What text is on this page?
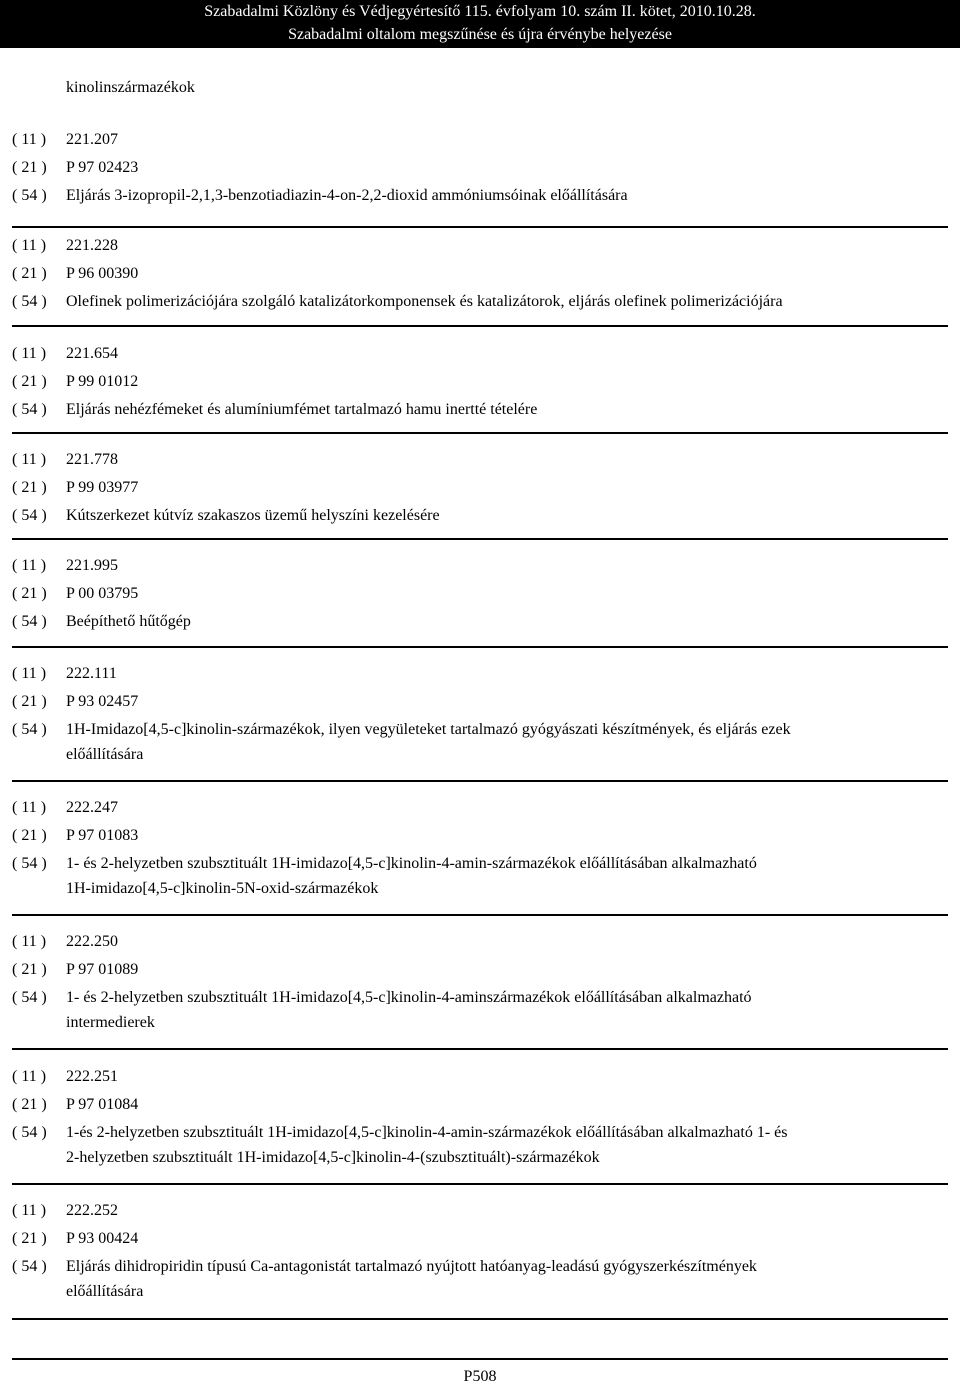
Szabadalmi Közlöny és Védjegyértesítő 115. évfolyam 10. szám II. kötet, 2010.10.28.
Szabadalmi oltalom megszűnése és újra érvénybe helyezése
kinolinszármazékok
( 11 )	221.207
( 21 )	P 97 02423
( 54 )	Eljárás 3-izopropil-2,1,3-benzotiadiazin-4-on-2,2-dioxid ammóniumsóinak előállítására
( 11 )	221.228
( 21 )	P 96 00390
( 54 )	Olefinek polimerizációjára szolgáló katalizátorkomponensek és katalizátorok, eljárás olefinek polimerizációjára
( 11 )	221.654
( 21 )	P 99 01012
( 54 )	Eljárás nehézfémeket és alumíniumfémet tartalmazó hamu inertté tételére
( 11 )	221.778
( 21 )	P 99 03977
( 54 )	Kútszerkezet kútvíz szakaszos üzemű helyszíni kezelésére
( 11 )	221.995
( 21 )	P 00 03795
( 54 )	Beépíthető hűtőgép
( 11 )	222.111
( 21 )	P 93 02457
( 54 )	1H-Imidazo[4,5-c]kinolin-származékok, ilyen vegyületeket tartalmazó gyógyászati készítmények, és eljárás ezek
előállítására
( 11 )	222.247
( 21 )	P 97 01083
( 54 )	1- és 2-helyzetben szubsztituált 1H-imidazo[4,5-c]kinolin-4-amin-származékok előállításában alkalmazható
1H-imidazo[4,5-c]kinolin-5N-oxid-származékok
( 11 )	222.250
( 21 )	P 97 01089
( 54 )	1- és 2-helyzetben szubsztituált 1H-imidazo[4,5-c]kinolin-4-aminszármazékok előállításában alkalmazható
intermedierek
( 11 )	222.251
( 21 )	P 97 01084
( 54 )	1-és 2-helyzetben szubsztituált 1H-imidazo[4,5-c]kinolin-4-amin-származékok előállításában alkalmazható 1- és
2-helyzetben szubsztituált 1H-imidazo[4,5-c]kinolin-4-(szubsztituált)-származékok
( 11 )	222.252
( 21 )	P 93 00424
( 54 )	Eljárás dihidropiridin típusú Ca-antagonistát tartalmazó nyújtott hatóanyag-leadású gyógyszerkészítmények
előállítására
P508
